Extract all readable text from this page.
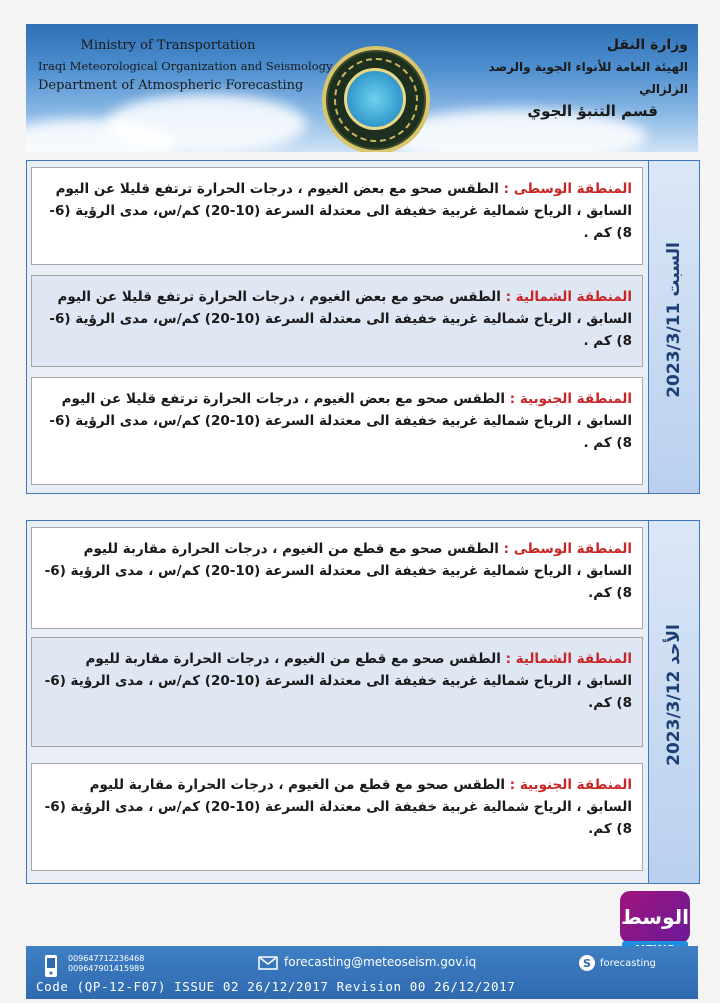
Ministry of Transportation
Iraqi Meteorological Organization and Seismology
Department of Atmospheric Forecasting
وزارة النقل
الهيئة العامة للأنواء الجوية والرصد الزلزالي
قسم التنبؤ الجوي
المنطقة الوسطى : الطقس صحو مع بعض الغيوم ، درجات الحرارة ترتفع قليلا عن اليوم السابق ، الرياح شمالية غربية خفيفة الى معتدلة السرعة (10-20) كم/س، مدى الرؤية (6-8) كم .
المنطقة الشمالية : الطقس صحو مع بعض الغيوم ، درجات الحرارة ترتفع قليلا عن اليوم السابق ، الرياح شمالية غربية خفيفة الى معتدلة السرعة (10-20) كم/س، مدى الرؤية (6-8) كم .
المنطقة الجنوبية : الطقس صحو مع بعض الغيوم ، درجات الحرارة ترتفع قليلا عن اليوم السابق ، الرياح شمالية غربية خفيفة الى معتدلة السرعة (10-20) كم/س، مدى الرؤية (6-8) كم .
السبت 2023/3/11
المنطقة الوسطى : الطقس صحو مع قطع من الغيوم ، درجات الحرارة مقاربة لليوم السابق ، الرياح شمالية غربية خفيفة الى معتدلة السرعة (10-20) كم/س ، مدى الرؤية (6-8) كم.
المنطقة الشمالية : الطقس صحو مع قطع من الغيوم ، درجات الحرارة مقاربة لليوم السابق ، الرياح شمالية غربية خفيفة الى معتدلة السرعة (10-20) كم/س ، مدى الرؤية (6-8) كم.
المنطقة الجنوبية : الطقس صحو مع قطع من الغيوم ، درجات الحرارة مقاربة لليوم السابق ، الرياح شمالية غربية خفيفة الى معتدلة السرعة (10-20) كم/س ، مدى الرؤية (6-8) كم.
الأحد 2023/3/12
الوسط
009647712236468
009647901415989	forecasting@meteoseism.gov.iq	S forecasting
Code (QP-12-F07) ISSUE 02 26/12/2017 Revision 00 26/12/2017
